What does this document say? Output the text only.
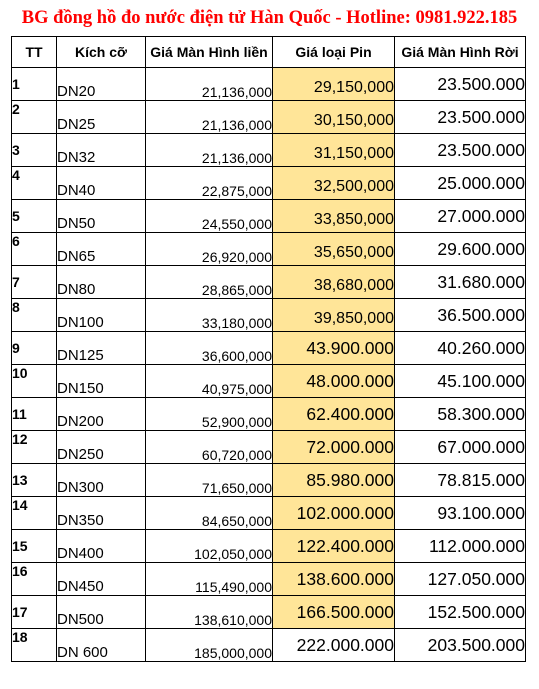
BG đồng hồ đo nước điện tử Hàn Quốc - Hotline: 0981.922.185
TT	Kích cỡ	Giá Màn Hình liền	Giá loại Pin	Giá Màn Hình Rời
1	DN20	21,136,000	29,150,000	23.500.000
2	DN25	21,136,000	30,150,000	23.500.000
3	DN32	21,136,000	31,150,000	23.500.000
4	DN40	22,875,000	32,500,000	25.000.000
5	DN50	24,550,000	33,850,000	27.000.000
6	DN65	26,920,000	35,650,000	29.600.000
7	DN80	28,865,000	38,680,000	31.680.000
8	DN100	33,180,000	39,850,000	36.500.000
9	DN125	36,600,000	43.900.000	40.260.000
10	DN150	40,975,000	48.000.000	45.100.000
11	DN200	52,900,000	62.400.000	58.300.000
12	DN250	60,720,000	72.000.000	67.000.000
13	DN300	71,650,000	85.980.000	78.815.000
14	DN350	84,650,000	102.000.000	93.100.000
15	DN400	102,050,000	122.400.000	112.000.000
16	DN450	115,490,000	138.600.000	127.050.000
17	DN500	138,610,000	166.500.000	152.500.000
18	DN 600	185,000,000	222.000.000	203.500.000
